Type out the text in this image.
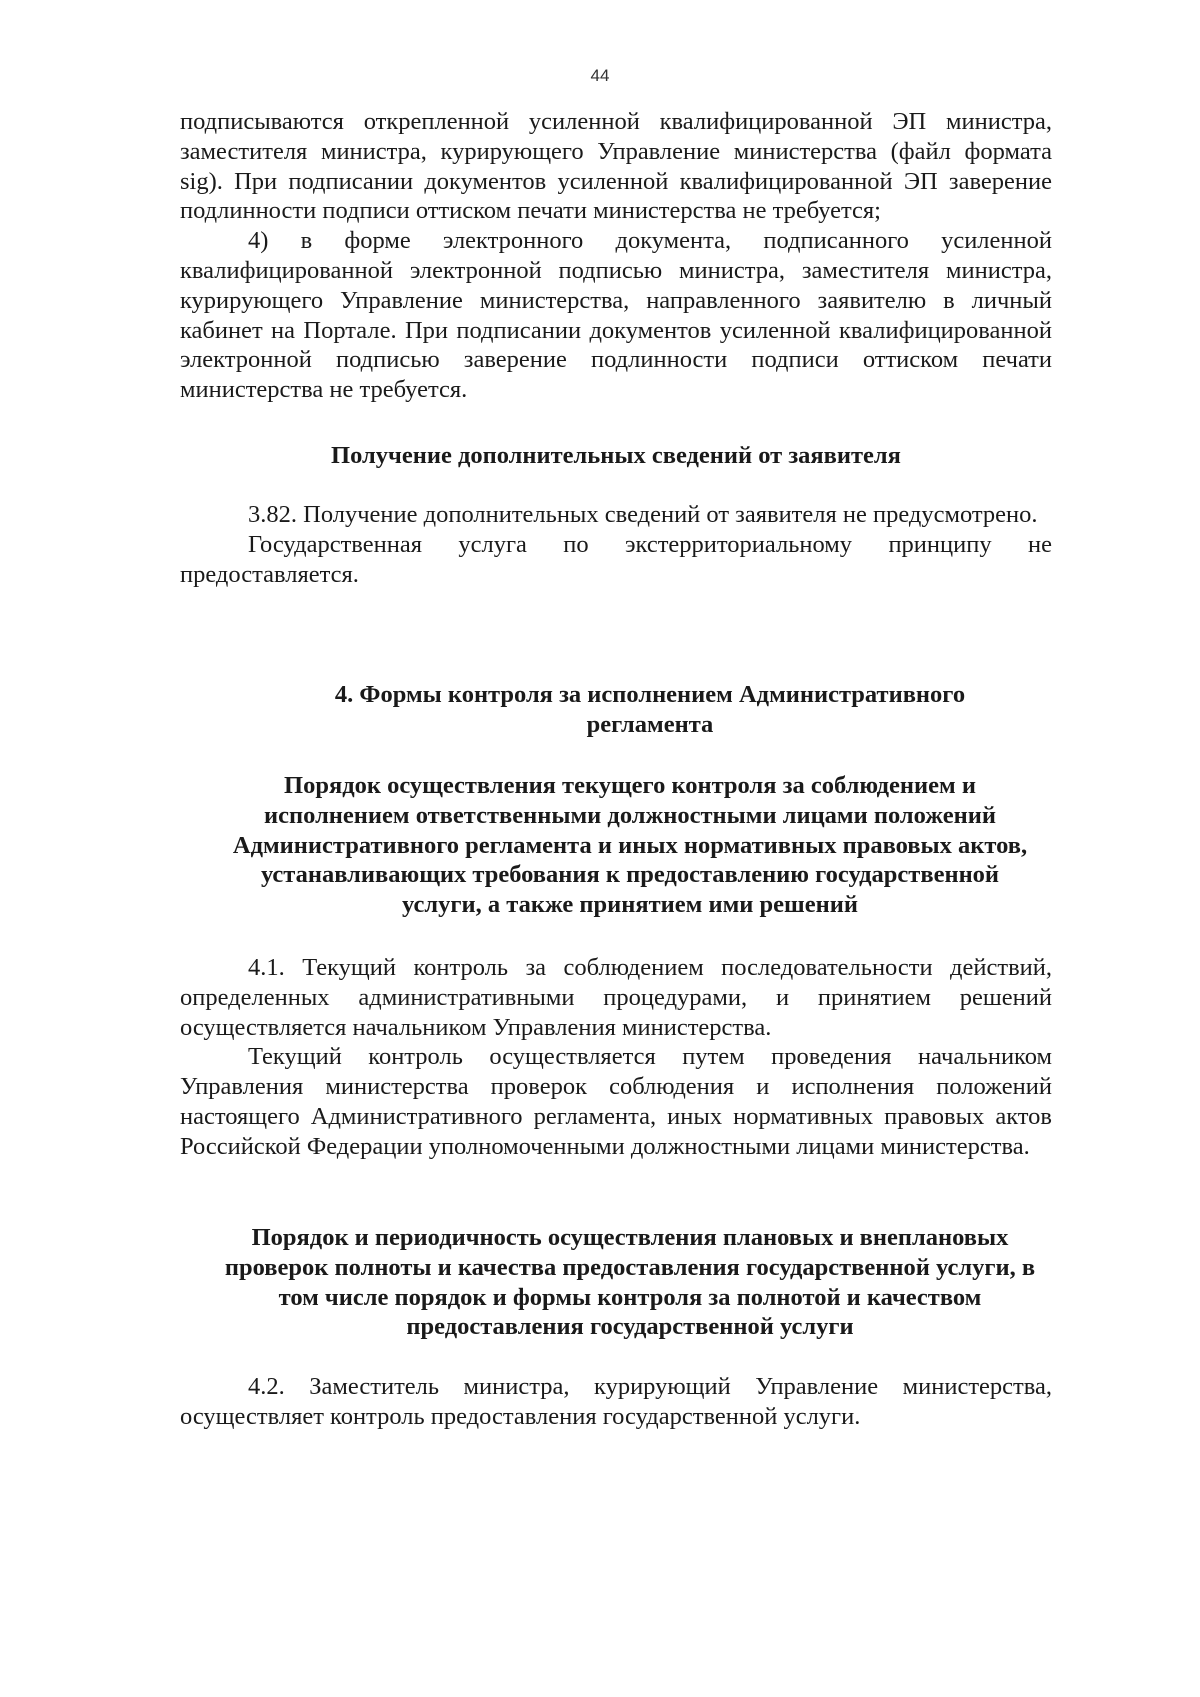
44

подписываются открепленной усиленной квалифицированной ЭП министра, заместителя министра, курирующего Управление министерства (файл формата sig). При подписании документов усиленной квалифицированной ЭП заверение подлинности подписи оттиском печати министерства не требуется;

4) в форме электронного документа, подписанного усиленной квалифицированной электронной подписью министра, заместителя министра, курирующего Управление министерства, направленного заявителю в личный кабинет на Портале. При подписании документов усиленной квалифицированной электронной подписью заверение подлинности подписи оттиском печати министерства не требуется.

Получение дополнительных сведений от заявителя

3.82. Получение дополнительных сведений от заявителя не предусмотрено.

Государственная услуга по экстерриториальному принципу не предоставляется.

4. Формы контроля за исполнением Административного
регламента
Порядок осуществления текущего контроля за соблюдением и
исполнением ответственными должностными лицами положений
Административного регламента и иных нормативных правовых актов,
устанавливающих требования к предоставлению государственной
услуги, а также принятием ими решений

4.1. Текущий контроль за соблюдением последовательности действий, определенных административными процедурами, и принятием решений осуществляется начальником Управления министерства.

Текущий контроль осуществляется путем проведения начальником Управления министерства проверок соблюдения и исполнения положений настоящего Административного регламента, иных нормативных правовых актов Российской Федерации уполномоченными должностными лицами министерства.

Порядок и периодичность осуществления плановых и внеплановых
проверок полноты и качества предоставления государственной услуги, в
том числе порядок и формы контроля за полнотой и качеством
предоставления государственной услуги

4.2. Заместитель министра, курирующий Управление министерства, осуществляет контроль предоставления государственной услуги.
